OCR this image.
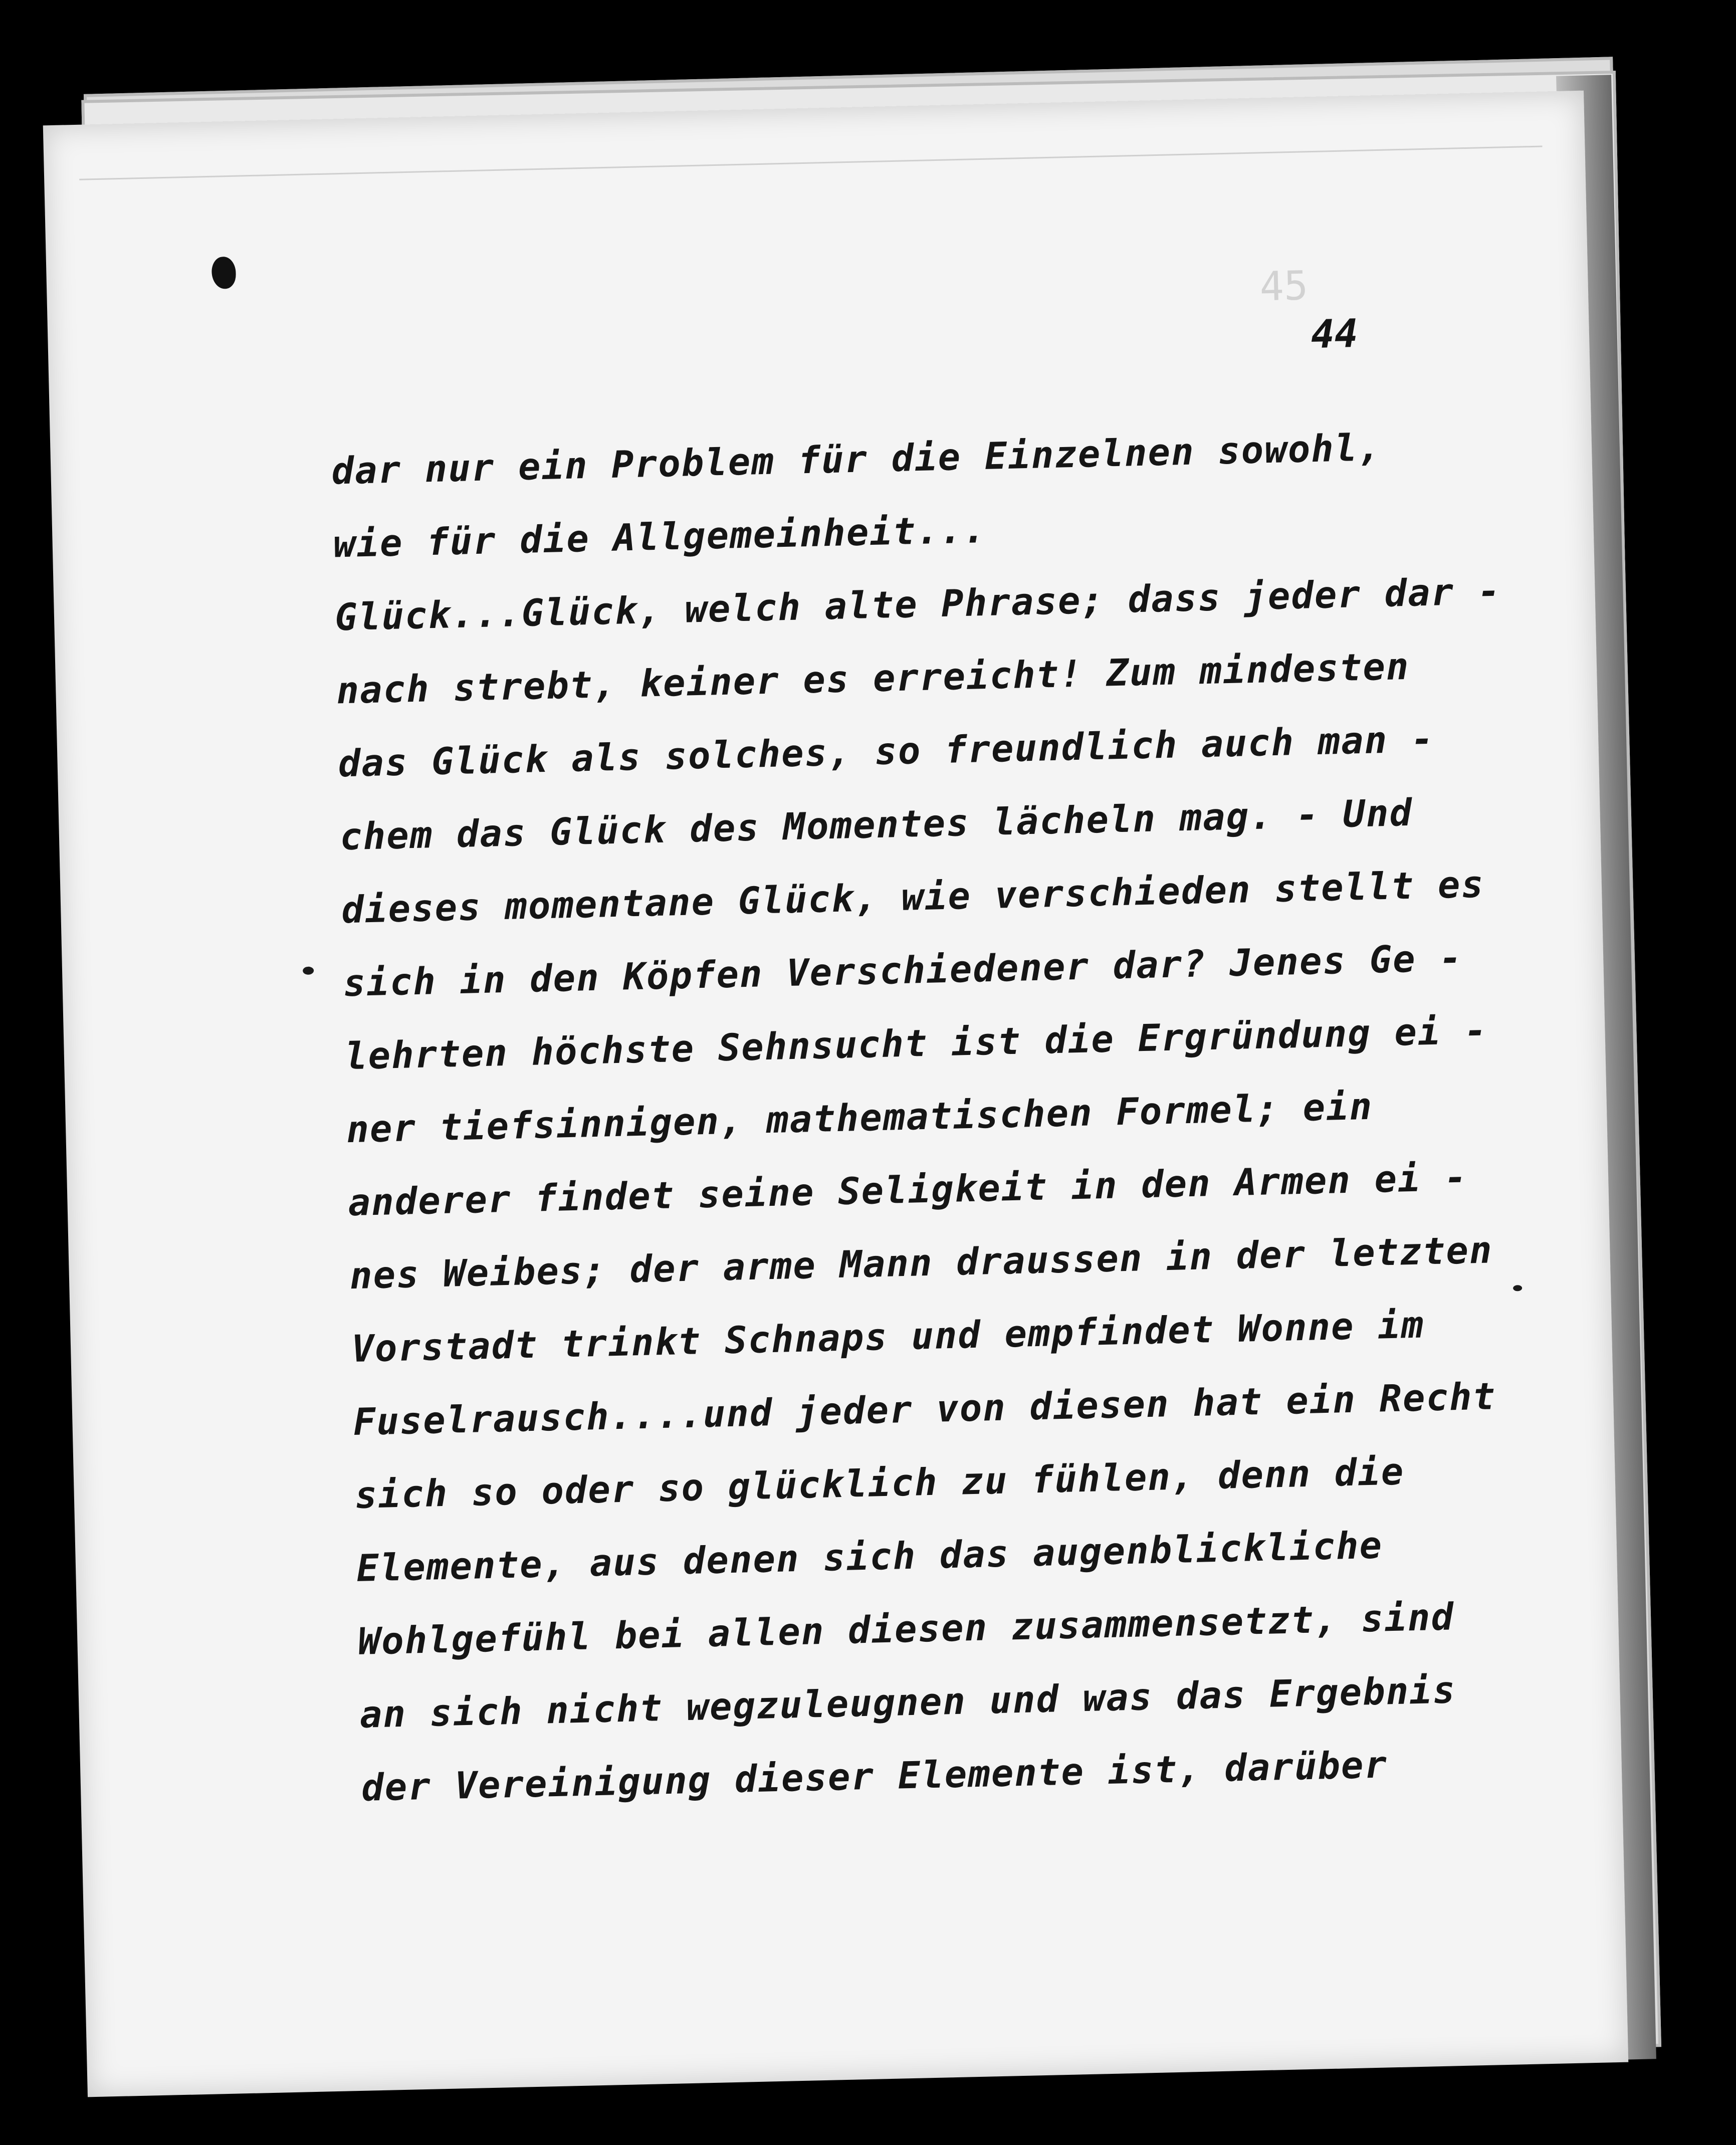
45
44
dar nur ein Problem für die Einzelnen sowohl,
wie für die Allgemeinheit...
Glück...Glück, welch alte Phrase; dass jeder dar -
nach strebt, keiner es erreicht! Zum mindesten
das Glück als solches, so freundlich auch man -
chem das Glück des Momentes lächeln mag. - Und
dieses momentane Glück, wie verschieden stellt es
sich in den Köpfen Verschiedener dar? Jenes Ge -
lehrten höchste Sehnsucht ist die Ergründung ei -
ner tiefsinnigen, mathematischen Formel; ein
anderer findet seine Seligkeit in den Armen ei -
nes Weibes; der arme Mann draussen in der letzten
Vorstadt trinkt Schnaps und empfindet Wonne im
Fuselrausch....und jeder von diesen hat ein Recht
sich so oder so glücklich zu fühlen, denn die
Elemente, aus denen sich das augenblickliche
Wohlgefühl bei allen diesen zusammensetzt, sind
an sich nicht wegzuleugnen und was das Ergebnis
der Vereinigung dieser Elemente ist, darüber
